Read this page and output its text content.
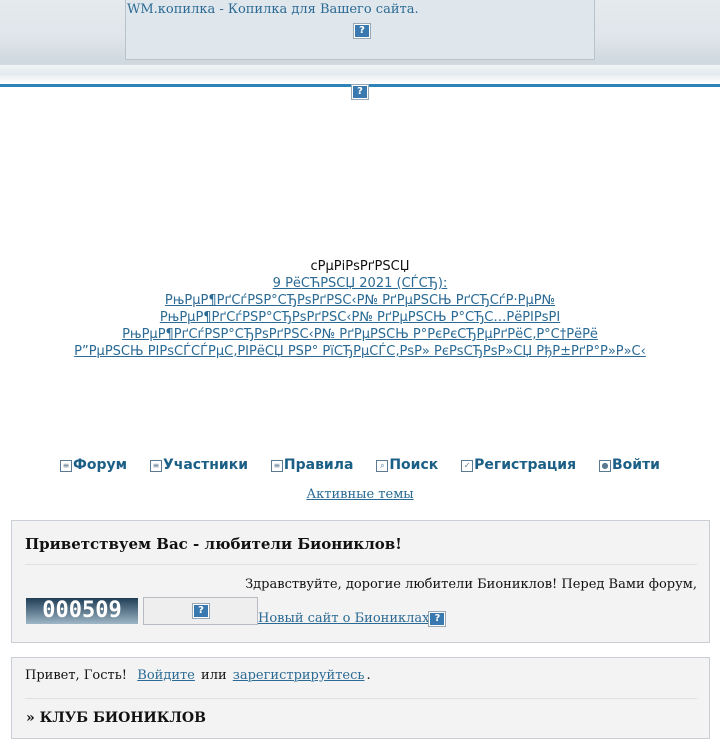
WM.копилка - Копилка для Вашего сайта.
?
?
сРµРіРѕРґРЅСЏ
9 РёСЋРЅСЏ 2021 (СЃСЂ):
РњРµР¶РґСѓРЅР°СЂРѕРґРЅС‹Р№ РґРµРЅСЊ РґСЂСѓР·РµР№
РњРµР¶РґСѓРЅР°СЂРѕРґРЅС‹Р№ РґРµРЅСЊ Р°СЂС…РёРІРѕРІ
РњРµР¶РґСѓРЅР°СЂРѕРґРЅС‹Р№ РґРµРЅСЊ Р°РєРєСЂРµРґРёС‚Р°С†РёРё
Р”РµРЅСЊ РІРѕСЃСЃРµС‚РІРёСЏ РЅР° РїСЂРµСЃС‚РѕР» РєРѕСЂРѕР»СЏ РђР±РґР°Р»Р»С‹
≡ Форум	≡ Участники	≡ Правила	⌕ Поиск	✓ Регистрация	● Войти
Активные темы
Приветствуем Вас - любители Биониклов!
Здравствуйте, дорогие любители Биониклов! Перед Вами форум,
000509	?
Новый сайт о Биониклах ?
Привет, Гость! Войдите или зарегистрируйтесь .
» КЛУБ БИОНИКЛОВ
